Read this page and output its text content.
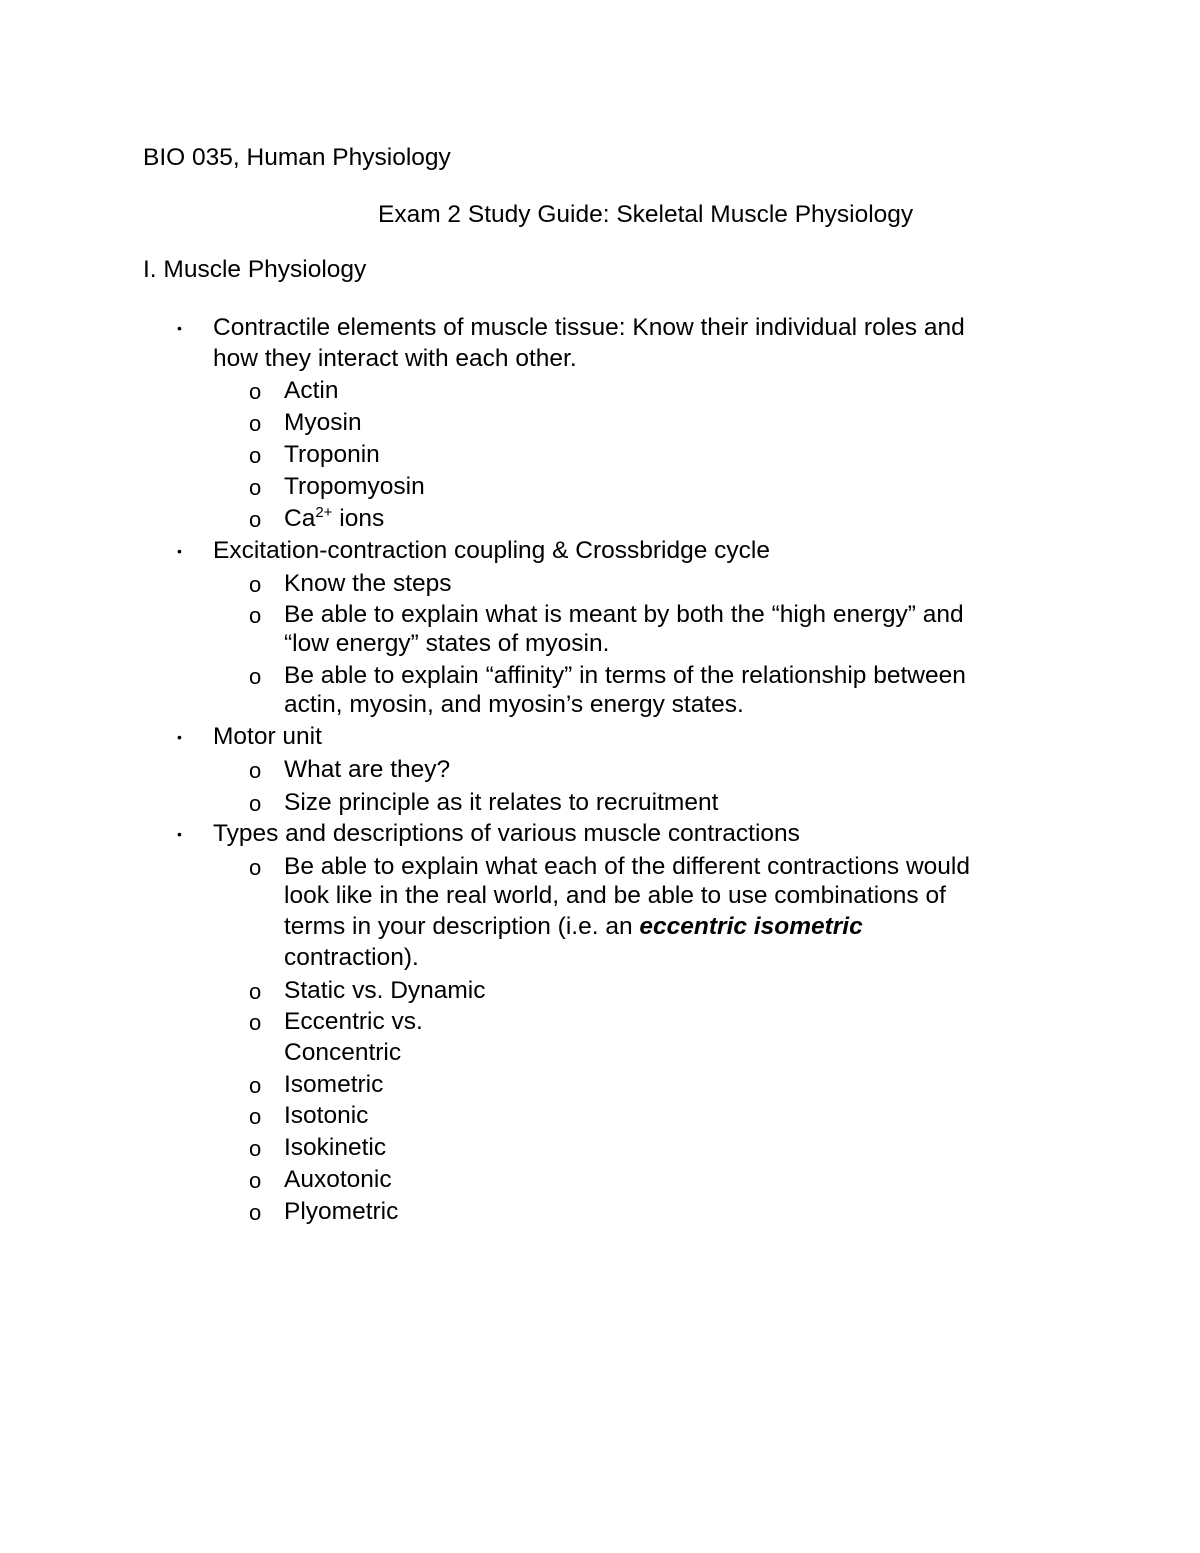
BIO 035, Human Physiology
Exam 2 Study Guide: Skeletal Muscle Physiology
I. Muscle Physiology
• Contractile elements of muscle tissue: Know their individual roles and
how they interact with each other.
o Actin
o Myosin
o Troponin
o Tropomyosin
o $Ca^{2+}$ ions
• Excitation-contraction coupling & Crossbridge cycle
o Know the steps
o Be able to explain what is meant by both the “high energy” and
“low energy” states of myosin.
o Be able to explain “affinity” in terms of the relationship between
actin, myosin, and myosin’s energy states.
• Motor unit
o What are they?
o Size principle as it relates to recruitment
• Types and descriptions of various muscle contractions
o Be able to explain what each of the different contractions would
look like in the real world, and be able to use combinations of
terms in your description (i.e. an eccentric isometric
contraction).
o Static vs. Dynamic
o Eccentric vs.
Concentric
o Isometric
o Isotonic
o Isokinetic
o Auxotonic
o Plyometric
